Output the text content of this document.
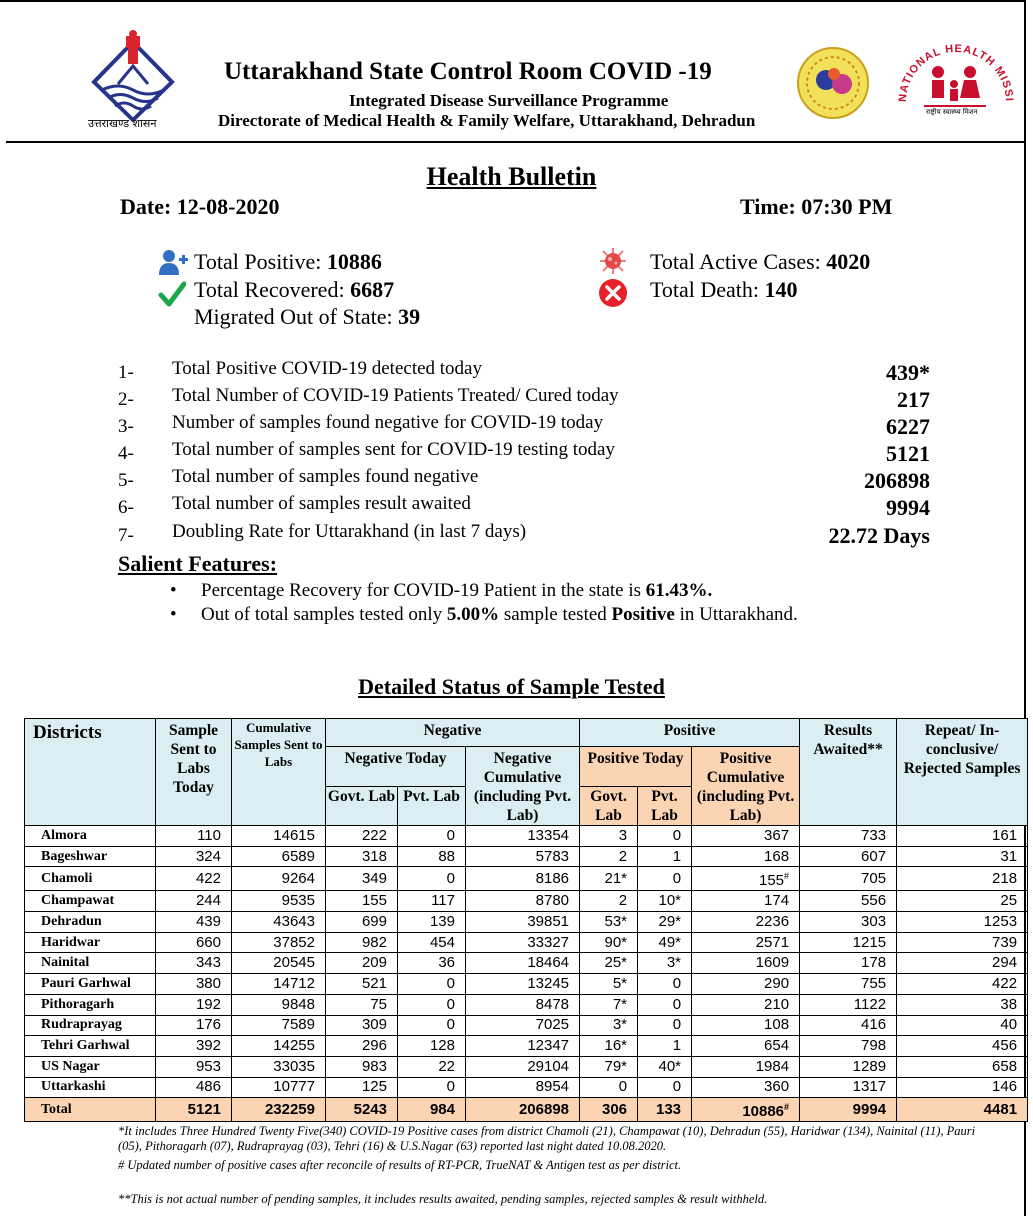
उत्तराखण्ड शासन
Uttarakhand State Control Room COVID -19
Integrated Disease Surveillance Programme
Directorate of Medical Health & Family Welfare, Uttarakhand, Dehradun
NATIONAL HEALTH MISSI
राष्ट्रीय स्वास्थ्य मिशन
Health Bulletin
Date: 12-08-2020	Time: 07:30 PM
Total Positive: 10886
Total Recovered: 6687
Migrated Out of State: 39
Total Active Cases: 4020
Total Death: 140
1- Total Positive COVID-19 detected today	439*
2- Total Number of COVID-19 Patients Treated/ Cured today	217
3- Number of samples found negative for COVID-19 today	6227
4- Total number of samples sent for COVID-19 testing today	5121
5- Total number of samples found negative	206898
6- Total number of samples result awaited	9994
7- Doubling Rate for Uttarakhand (in last 7 days)	22.72 Days
Salient Features:
• Percentage Recovery for COVID-19 Patient in the state is 61.43%.
• Out of total samples tested only 5.00% sample tested Positive in Uttarakhand.
Detailed Status of Sample Tested
Districts	Sample Sent to Labs Today	Cumulative Samples Sent to Labs	Negative			Positive			Results Awaited**	Repeat/ In-conclusive/ Rejected Samples
			Negative Today		Negative Cumulative (including Pvt. Lab)	Positive Today		Positive Cumulative (including Pvt. Lab)		
			Govt. Lab	Pvt. Lab		Govt. Lab	Pvt. Lab			
Almora	110	14615	222	0	13354	3	0	367	733	161
Bageshwar	324	6589	318	88	5783	2	1	168	607	31
Chamoli	422	9264	349	0	8186	21*	0	155#	705	218
Champawat	244	9535	155	117	8780	2	10*	174	556	25
Dehradun	439	43643	699	139	39851	53*	29*	2236	303	1253
Haridwar	660	37852	982	454	33327	90*	49*	2571	1215	739
Nainital	343	20545	209	36	18464	25*	3*	1609	178	294
Pauri Garhwal	380	14712	521	0	13245	5*	0	290	755	422
Pithoragarh	192	9848	75	0	8478	7*	0	210	1122	38
Rudraprayag	176	7589	309	0	7025	3*	0	108	416	40
Tehri Garhwal	392	14255	296	128	12347	16*	1	654	798	456
US Nagar	953	33035	983	22	29104	79*	40*	1984	1289	658
Uttarkashi	486	10777	125	0	8954	0	0	360	1317	146
Total	5121	232259	5243	984	206898	306	133	10886#	9994	4481
*It includes Three Hundred Twenty Five(340) COVID-19 Positive cases from district Chamoli (21), Champawat (10), Dehradun (55), Haridwar (134), Nainital (11), Pauri (05), Pithoragarh (07), Rudraprayag (03), Tehri (16) & U.S.Nagar (63) reported last night dated 10.08.2020.
# Updated number of positive cases after reconcile of results of RT-PCR, TrueNAT & Antigen test as per district.
**This is not actual number of pending samples, it includes results awaited, pending samples, rejected samples & result withheld.
